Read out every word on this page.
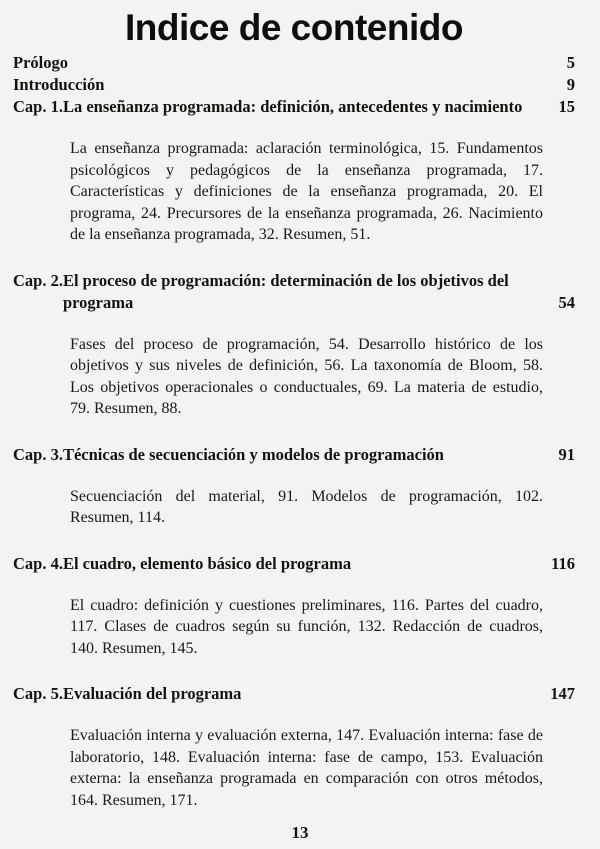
Indice de contenido
Prólogo	5
Introducción	9
Cap. 1. La enseñanza programada: definición, antecedentes y nacimiento	15

La enseñanza programada: aclaración terminológica, 15. Fundamentos psicológicos y pedagógicos de la enseñanza programada, 17. Características y definiciones de la enseñanza programada, 20. El programa, 24. Precursores de la enseñanza programada, 26. Nacimiento de la enseñanza programada, 32. Resumen, 51.

Cap. 2. El proceso de programación: determinación de los objetivos del programa	54

Fases del proceso de programación, 54. Desarrollo histórico de los objetivos y sus niveles de definición, 56. La taxonomía de Bloom, 58. Los objetivos operacionales o conductuales, 69. La materia de estudio, 79. Resumen, 88.

Cap. 3. Técnicas de secuenciación y modelos de programación	91

Secuenciación del material, 91. Modelos de programación, 102. Resumen, 114.

Cap. 4. El cuadro, elemento básico del programa	116

El cuadro: definición y cuestiones preliminares, 116. Partes del cuadro, 117. Clases de cuadros según su función, 132. Redacción de cuadros, 140. Resumen, 145.

Cap. 5. Evaluación del programa	147

Evaluación interna y evaluación externa, 147. Evaluación interna: fase de laboratorio, 148. Evaluación interna: fase de campo, 153. Evaluación externa: la enseñanza programada en comparación con otros métodos, 164. Resumen, 171.

13
